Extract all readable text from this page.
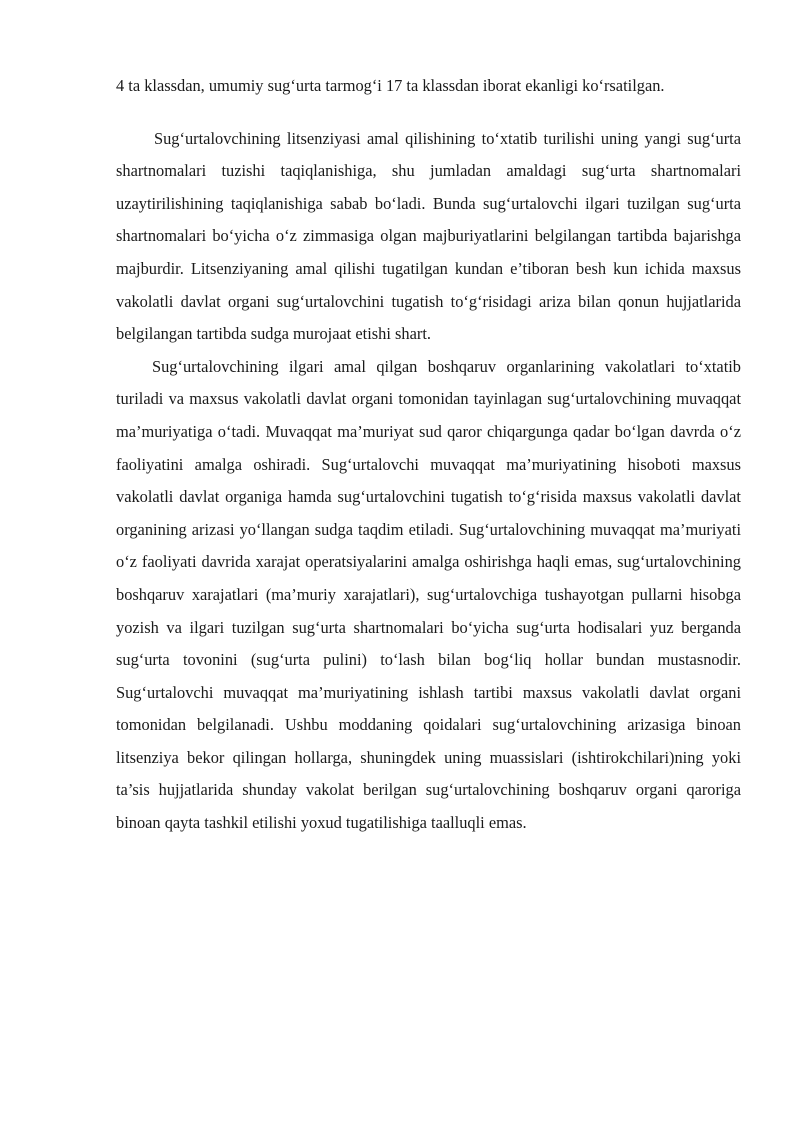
4 ta klassdan, umumiy sug‘urta tarmog‘i 17 ta klassdan iborat ekanligi ko‘rsatilgan.

Sug‘urtalovchining litsenziyasi amal qilishining to‘xtatib turilishi uning yangi sug‘urta shartnomalari tuzishi taqiqlanishiga, shu jumladan amaldagi sug‘urta shartnomalari uzaytirilishining taqiqlanishiga sabab bo‘ladi. Bunda sug‘urtalovchi ilgari tuzilgan sug‘urta shartnomalari bo‘yicha o‘z zimmasiga olgan majburiyatlarini belgilangan tartibda bajarishga majburdir. Litsenziyaning amal qilishi tugatilgan kundan e’tiboran besh kun ichida maxsus vakolatli davlat organi sug‘urtalovchini tugatish to‘g‘risidagi ariza bilan qonun hujjatlarida belgilangan tartibda sudga murojaat etishi shart.

Sug‘urtalovchining ilgari amal qilgan boshqaruv organlarining vakolatlari to‘xtatib turiladi va maxsus vakolatli davlat organi tomonidan tayinlagan sug‘urtalovchining muvaqqat ma’muriyatiga o‘tadi. Muvaqqat ma’muriyat sud qaror chiqargunga qadar bo‘lgan davrda o‘z faoliyatini amalga oshiradi. Sug‘urtalovchi muvaqqat ma’muriyatining hisoboti maxsus vakolatli davlat organiga hamda sug‘urtalovchini tugatish to‘g‘risida maxsus vakolatli davlat organining arizasi yo‘llangan sudga taqdim etiladi. Sug‘urtalovchining muvaqqat ma’muriyati o‘z faoliyati davrida xarajat operatsiyalarini amalga oshirishga haqli emas, sug‘urtalovchining boshqaruv xarajatlari (ma’muriy xarajatlari), sug‘urtalovchiga tushayotgan pullarni hisobga yozish va ilgari tuzilgan sug‘urta shartnomalari bo‘yicha sug‘urta hodisalari yuz berganda sug‘urta tovonini (sug‘urta pulini) to‘lash bilan bog‘liq hollar bundan mustasnodir. Sug‘urtalovchi muvaqqat ma’muriyatining ishlash tartibi maxsus vakolatli davlat organi tomonidan belgilanadi. Ushbu moddaning qoidalari sug‘urtalovchining arizasiga binoan litsenziya bekor qilingan hollarga, shuningdek uning muassislari (ishtirokchilari)ning yoki ta’sis hujjatlarida shunday vakolat berilgan sug‘urtalovchining boshqaruv organi qaroriga binoan qayta tashkil etilishi yoxud tugatilishiga taalluqli emas.
